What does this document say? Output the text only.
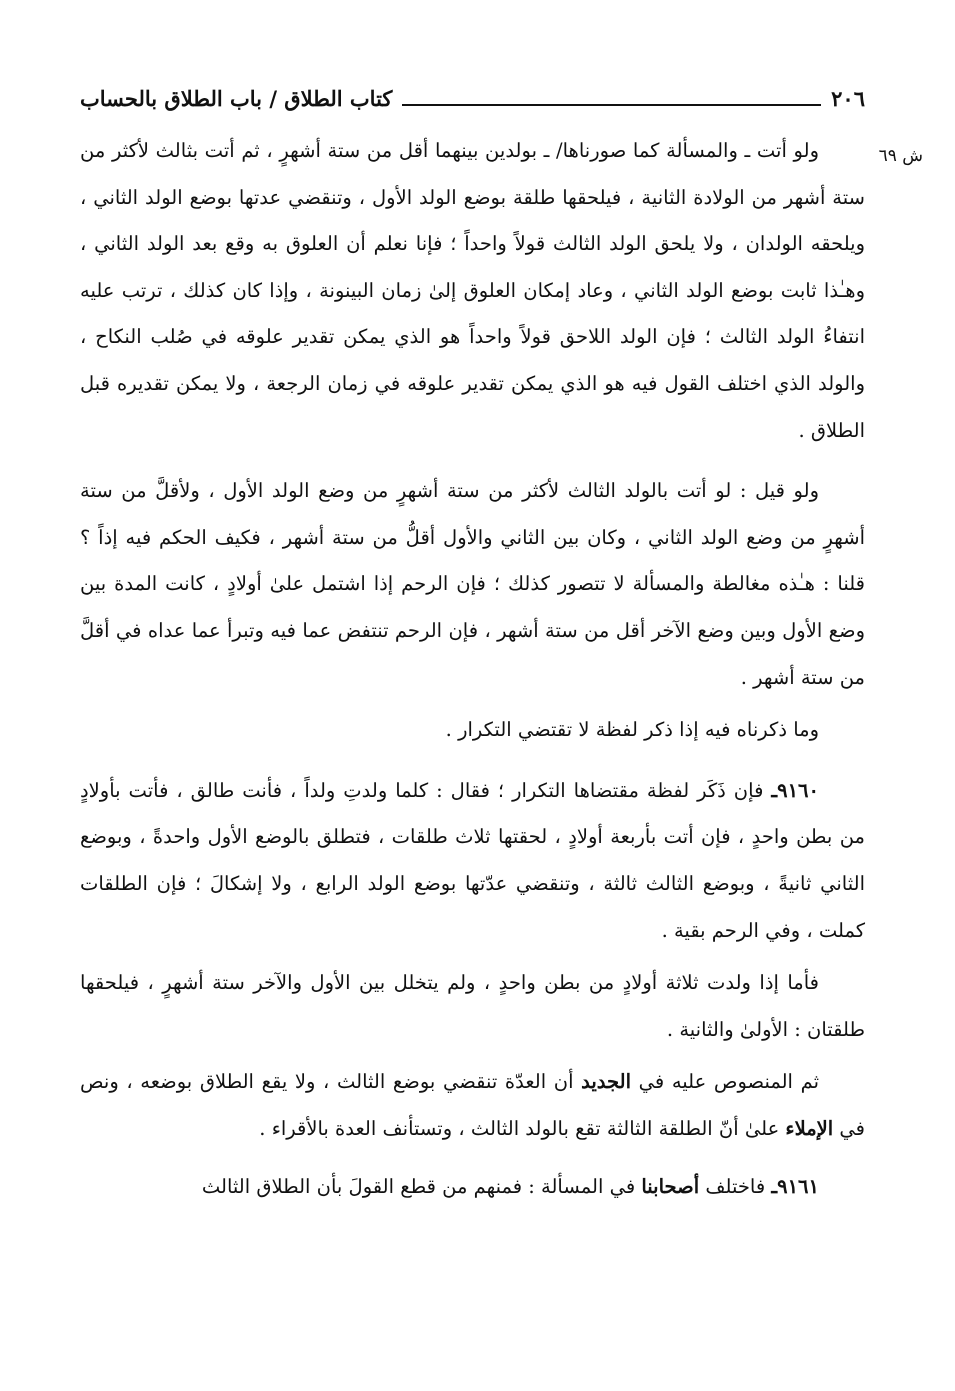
٢٠٦
كتاب الطلاق / باب الطلاق بالحساب
ش ٦٩

ولو أتت ـ والمسألة كما صورناها/ ـ بولدين بينهما أقل من ستة أشهرٍ ، ثم أتت بثالث لأكثر من ستة أشهر من الولادة الثانية ، فيلحقها طلقة بوضع الولد الأول ، وتنقضي عدتها بوضع الولد الثاني ، ويلحقه الولدان ، ولا يلحق الولد الثالث قولاً واحداً ؛ فإنا نعلم أن العلوق به وقع بعد الولد الثاني ، وهـٰذا ثابت بوضع الولد الثاني ، وعاد إمكان العلوق إلىٰ زمان البينونة ، وإذا كان كذلك ، ترتب عليه انتفاءُ الولد الثالث ؛ فإن الولد اللاحق قولاً واحداً هو الذي يمكن تقدير علوقه في صُلب النكاح ، والولد الذي اختلف القول فيه هو الذي يمكن تقدير علوقه في زمان الرجعة ، ولا يمكن تقديره قبل الطلاق .

ولو قيل : لو أتت بالولد الثالث لأكثر من ستة أشهرٍ من وضع الولد الأول ، ولأقلَّ من ستة أشهرٍ من وضع الولد الثاني ، وكان بين الثاني والأول أقلُّ من ستة أشهر ، فكيف الحكم فيه إذاً ؟ قلنا : هـٰذه مغالطة والمسألة لا تتصور كذلك ؛ فإن الرحم إذا اشتمل علىٰ أولادٍ ، كانت المدة بين وضع الأول وبين وضع الآخر أقل من ستة أشهر ، فإن الرحم تنتفض عما فيه وتبرأ عما عداه في أقلَّ من ستة أشهر .

وما ذكرناه فيه إذا ذكر لفظة لا تقتضي التكرار .

٩١٦٠ـ فإن ذَكَر لفظة مقتضاها التكرار ؛ فقال : كلما ولدتِ ولداً ، فأنت طالق ، فأتت بأولادٍ من بطن واحدٍ ، فإن أتت بأربعة أولادٍ ، لحقتها ثلاث طلقات ، فتطلق بالوضع الأول واحدةً ، وبوضع الثاني ثانيةً ، وبوضع الثالث ثالثة ، وتنقضي عدّتها بوضع الولد الرابع ، ولا إشكالَ ؛ فإن الطلقات كملت ، وفي الرحم بقية .

فأما إذا ولدت ثلاثة أولادٍ من بطن واحدٍ ، ولم يتخلل بين الأول والآخر ستة أشهرٍ ، فيلحقها طلقتان : الأولىٰ والثانية .

ثم المنصوص عليه في الجديد أن العدّة تنقضي بوضع الثالث ، ولا يقع الطلاق بوضعه ، ونص في الإملاء علىٰ أنّ الطلقة الثالثة تقع بالولد الثالث ، وتستأنف العدة بالأقراء .

٩١٦١ـ فاختلف أصحابنا في المسألة : فمنهم من قطع القولَ بأن الطلاق الثالث
